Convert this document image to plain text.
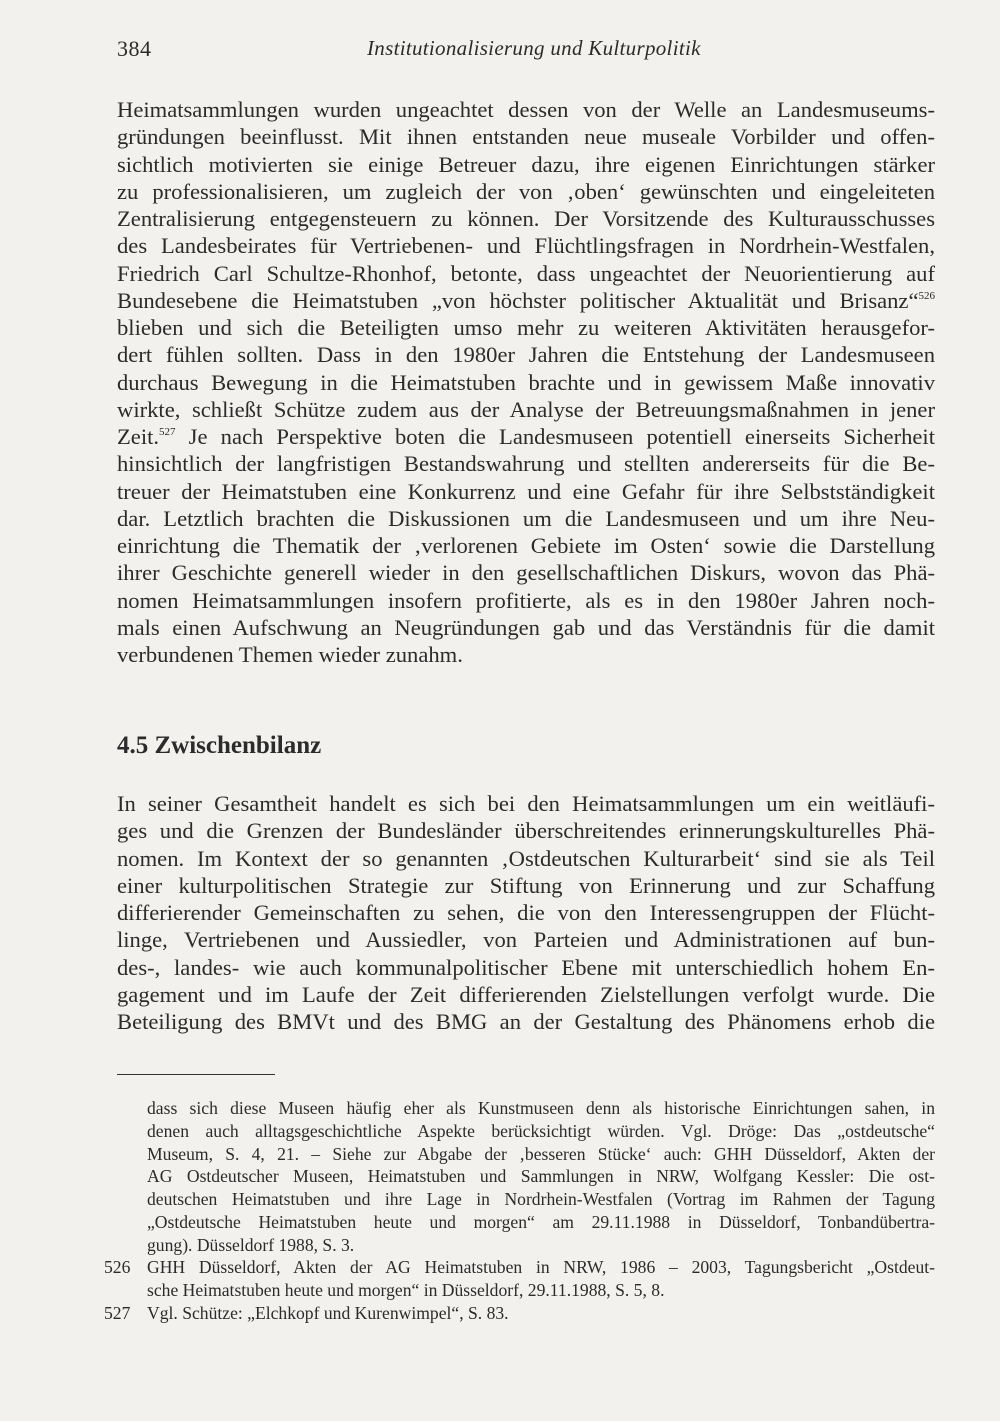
384	Institutionalisierung und Kulturpolitik
Heimatsammlungen wurden ungeachtet dessen von der Welle an Landesmuseums-
gründungen beeinflusst. Mit ihnen entstanden neue museale Vorbilder und offen-
sichtlich motivierten sie einige Betreuer dazu, ihre eigenen Einrichtungen stärker
zu professionalisieren, um zugleich der von ‚oben‘ gewünschten und eingeleiteten
Zentralisierung entgegensteuern zu können. Der Vorsitzende des Kulturausschusses
des Landesbeirates für Vertriebenen- und Flüchtlingsfragen in Nordrhein-Westfalen,
Friedrich Carl Schultze-Rhonhof, betonte, dass ungeachtet der Neuorientierung auf
Bundesebene die Heimatstuben „von höchster politischer Aktualität und Brisanz“$^{526}$
blieben und sich die Beteiligten umso mehr zu weiteren Aktivitäten herausgefor-
dert fühlen sollten. Dass in den 1980er Jahren die Entstehung der Landesmuseen
durchaus Bewegung in die Heimatstuben brachte und in gewissem Maße innovativ
wirkte, schließt Schütze zudem aus der Analyse der Betreuungsmaßnahmen in jener
Zeit.$^{527}$ Je nach Perspektive boten die Landesmuseen potentiell einerseits Sicherheit
hinsichtlich der langfristigen Bestandswahrung und stellten andererseits für die Be-
treuer der Heimatstuben eine Konkurrenz und eine Gefahr für ihre Selbstständigkeit
dar. Letztlich brachten die Diskussionen um die Landesmuseen und um ihre Neu-
einrichtung die Thematik der ‚verlorenen Gebiete im Osten‘ sowie die Darstellung
ihrer Geschichte generell wieder in den gesellschaftlichen Diskurs, wovon das Phä-
nomen Heimatsammlungen insofern profitierte, als es in den 1980er Jahren noch-
mals einen Aufschwung an Neugründungen gab und das Verständnis für die damit
verbundenen Themen wieder zunahm.
4.5 Zwischenbilanz
In seiner Gesamtheit handelt es sich bei den Heimatsammlungen um ein weitläufi-
ges und die Grenzen der Bundesländer überschreitendes erinnerungskulturelles Phä-
nomen. Im Kontext der so genannten ‚Ostdeutschen Kulturarbeit‘ sind sie als Teil
einer kulturpolitischen Strategie zur Stiftung von Erinnerung und zur Schaffung
differierender Gemeinschaften zu sehen, die von den Interessengruppen der Flücht-
linge, Vertriebenen und Aussiedler, von Parteien und Administrationen auf bun-
des-, landes- wie auch kommunalpolitischer Ebene mit unterschiedlich hohem En-
gagement und im Laufe der Zeit differierenden Zielstellungen verfolgt wurde. Die
Beteiligung des BMVt und des BMG an der Gestaltung des Phänomens erhob die
dass sich diese Museen häufig eher als Kunstmuseen denn als historische Einrichtungen sahen, in
denen auch alltagsgeschichtliche Aspekte berücksichtigt würden. Vgl. Dröge: Das „ostdeutsche“
Museum, S. 4, 21. – Siehe zur Abgabe der ‚besseren Stücke‘ auch: GHH Düsseldorf, Akten der
AG Ostdeutscher Museen, Heimatstuben und Sammlungen in NRW, Wolfgang Kessler: Die ost-
deutschen Heimatstuben und ihre Lage in Nordrhein-Westfalen (Vortrag im Rahmen der Tagung
„Ostdeutsche Heimatstuben heute und morgen“ am 29.11.1988 in Düsseldorf, Tonbandübertra-
gung). Düsseldorf 1988, S. 3.
526 GHH Düsseldorf, Akten der AG Heimatstuben in NRW, 1986 – 2003, Tagungsbericht „Ostdeut-
sche Heimatstuben heute und morgen“ in Düsseldorf, 29.11.1988, S. 5, 8.
527 Vgl. Schütze: „Elchkopf und Kurenwimpel“, S. 83.
